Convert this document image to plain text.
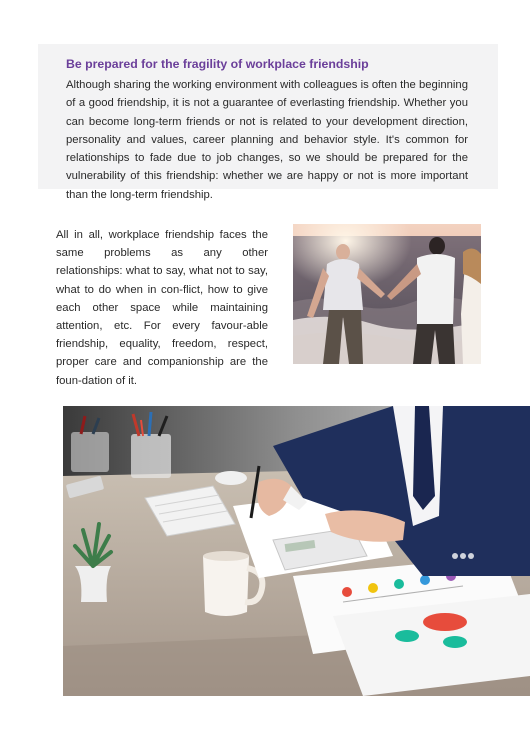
Be prepared for the fragility of workplace friendship

Although sharing the working environment with colleagues is often the beginning of a good friendship, it is not a guarantee of everlasting friendship. Whether you can become long-term friends or not is related to your development direction, personality and values, career planning and behavior style. It's common for relationships to fade due to job changes, so we should be prepared for the vulnerability of this friendship: whether we are happy or not is more important than the long-term friendship.

All in all, workplace friendship faces the same problems as any other relationships: what to say, what not to say, what to do when in con-flict, how to give each other space while maintaining attention, etc. For every favour-able friendship, equality, freedom, respect, proper care and companionship are the foun-dation of it.
